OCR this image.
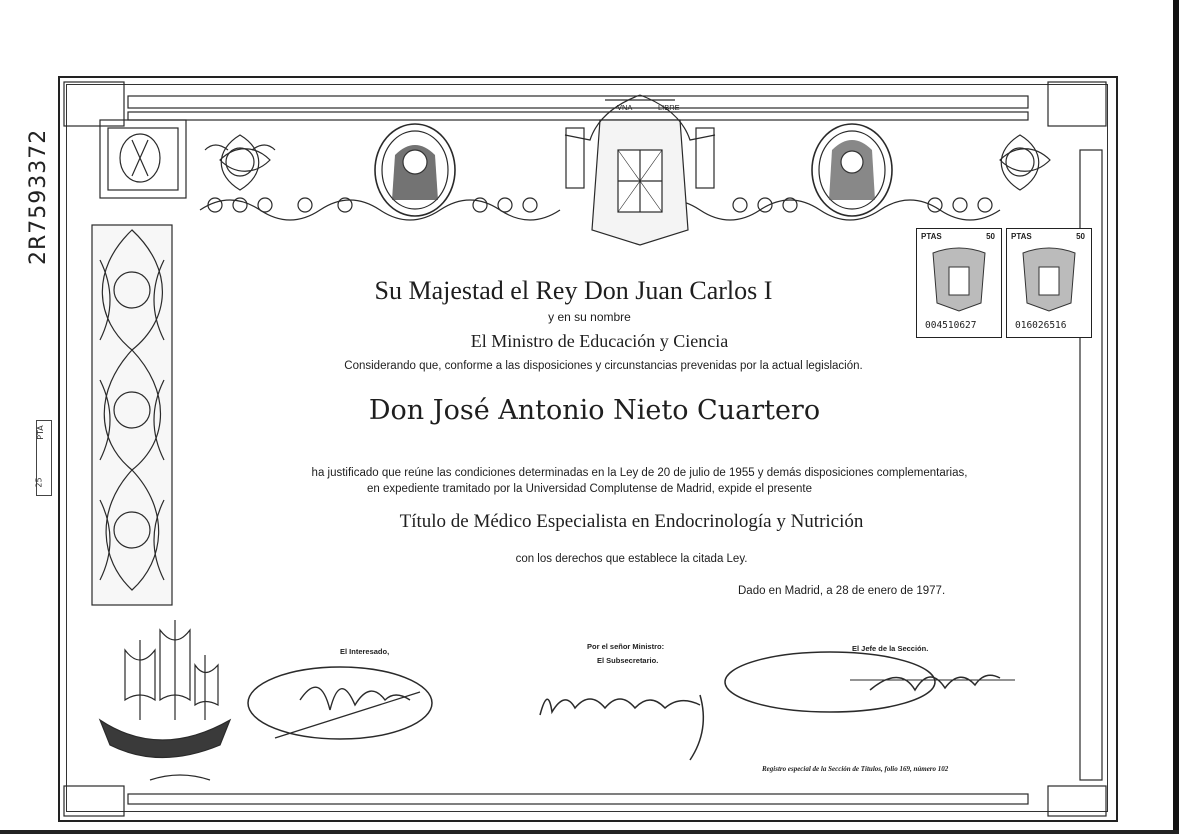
2R7593372
PTA
25
VNA	LIBRE
PTAS	50
004510627
PTAS	50
016026516
Su Majestad el Rey Don Juan Carlos I
y en su nombre
El Ministro de Educación y Ciencia
Considerando que, conforme a las disposiciones y circunstancias prevenidas por la actual legislación.
Don José Antonio Nieto Cuartero
ha justificado que reúne las condiciones determinadas en la Ley de 20 de julio de 1955 y demás disposiciones complementarias,
en expediente tramitado por la Universidad Complutense de Madrid, expide el presente
Título de Médico Especialista en Endocrinología y Nutrición
con los derechos que establece la citada Ley.
Dado en Madrid, a 28 de enero de 1977.
El Interesado,
Por el señor Ministro:
El Subsecretario.
El Jefe de la Sección.
Registro especial de la Sección de Títulos, folio 169, número 102
